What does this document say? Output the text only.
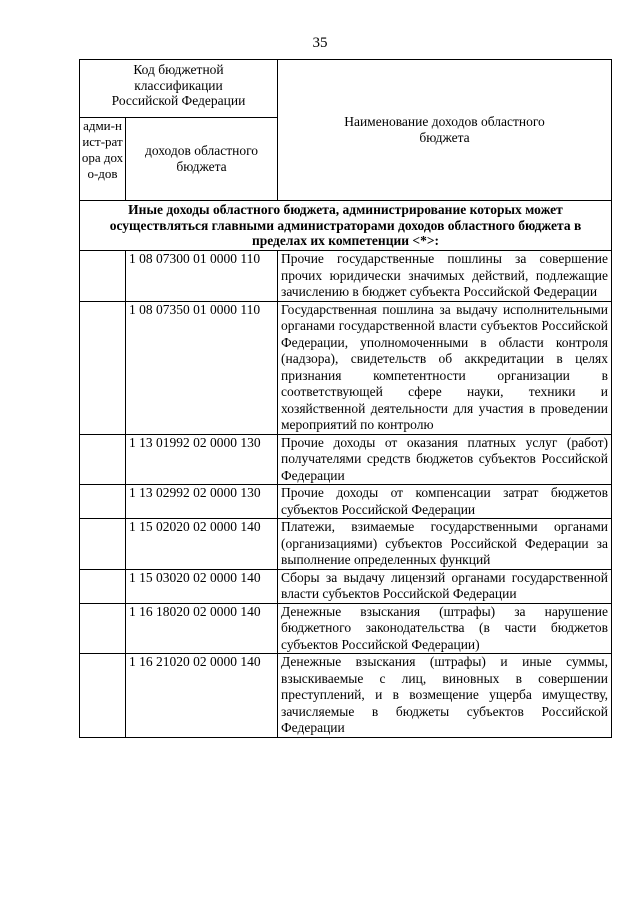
35
Код бюджетной классификации Российской Федерации		Наименование доходов областного бюджета

адми-нист-ратора дохо-дов	доходов областного бюджета	

Иные доходы областного бюджета, администрирование которых может осуществляться главными администраторами доходов областного бюджета в пределах их компетенции <*>:		
	1 08 07300 01 0000 110	Прочие государственные пошлины за совершение прочих юридически значимых действий, подлежащие зачислению в бюджет субъекта Российской Федерации
	1 08 07350 01 0000 110	Государственная пошлина за выдачу исполнительными органами государственной власти субъектов Российской Федерации, уполномоченными в области контроля (надзора), свидетельств об аккредитации в целях признания компетентности организации в соответствующей сфере науки, техники и хозяйственной деятельности для участия в проведении мероприятий по контролю
	1 13 01992 02 0000 130	Прочие доходы от оказания платных услуг (работ) получателями средств бюджетов субъектов Российской Федерации
	1 13 02992 02 0000 130	Прочие доходы от компенсации затрат бюджетов субъектов Российской Федерации
	1 15 02020 02 0000 140	Платежи, взимаемые государственными органами (организациями) субъектов Российской Федерации за выполнение определенных функций
	1 15 03020 02 0000 140	Сборы за выдачу лицензий органами государственной власти субъектов Российской Федерации
	1 16 18020 02 0000 140	Денежные взыскания (штрафы) за нарушение бюджетного законодательства (в части бюджетов субъектов Российской Федерации)
	1 16 21020 02 0000 140	Денежные взыскания (штрафы) и иные суммы, взыскиваемые с лиц, виновных в совершении преступлений, и в возмещение ущерба имуществу, зачисляемые в бюджеты субъектов Российской Федерации
